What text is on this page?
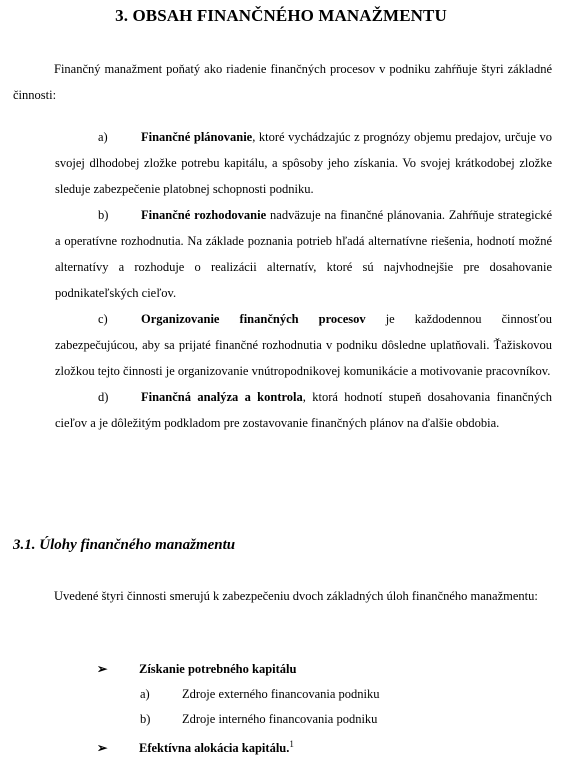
3. OBSAH FINANČNÉHO MANAŽMENTU

Finančný manažment poňatý ako riadenie finančných procesov v podniku zahŕňuje štyri základné činnosti:

a)	Finančné plánovanie, ktoré vychádzajúc z prognózy objemu predajov, určuje vo svojej dlhodobej zložke potrebu kapitálu, a spôsoby jeho získania. Vo svojej krátkodobej zložke sleduje zabezpečenie platobnej schopnosti podniku.

b)	Finančné rozhodovanie nadväzuje na finančné plánovania. Zahŕňuje strategické a operatívne rozhodnutia. Na základe poznania potrieb hľadá alternatívne riešenia, hodnotí možné alternatívy a rozhoduje o realizácii alternatív, ktoré sú najvhodnejšie pre dosahovanie podnikateľských cieľov.

c)	Organizovanie finančných procesov je každodennou činnosťou zabezpečujúcou, aby sa prijaté finančné rozhodnutia v podniku dôsledne uplatňovali. Ťažiskovou zložkou tejto činnosti je organizovanie vnútropodnikovej komunikácie a motivovanie pracovníkov.

d)	Finančná analýza a kontrola, ktorá hodnotí stupeň dosahovania finančných cieľov a je dôležitým podkladom pre zostavovanie finančných plánov na ďalšie obdobia.

3.1. Úlohy finančného manažmentu

Uvedené štyri činnosti smerujú k zabezpečeniu dvoch základných úloh finančného manažmentu:

➢	Získanie potrebného kapitálu
a)	Zdroje externého financovania podniku
b)	Zdroje interného financovania podniku
➢	Efektívna alokácia kapitálu.$^1$
